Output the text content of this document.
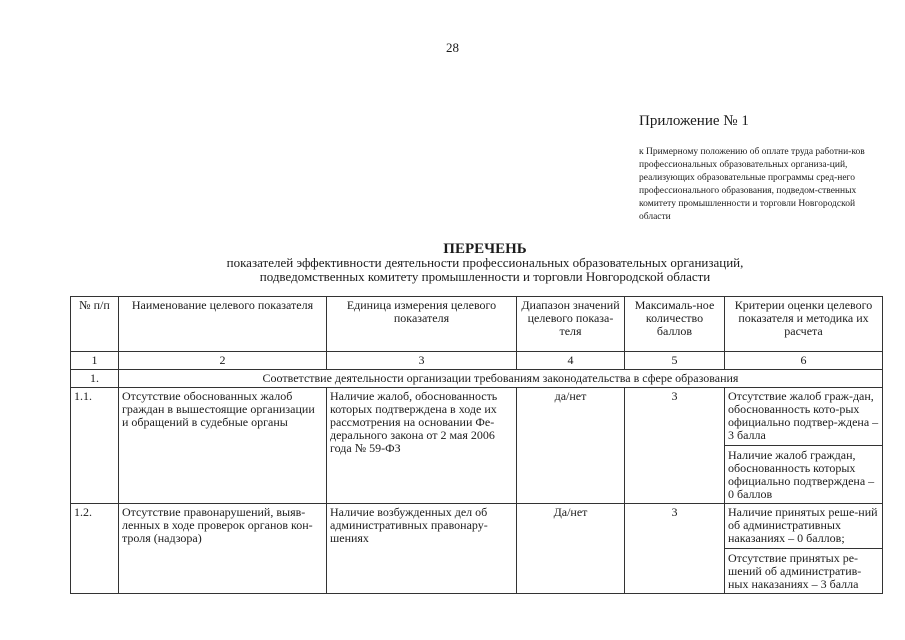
28
Приложение № 1
к Примерному положению об оплате труда работни-ков профессиональных образовательных организа-ций, реализующих образовательные программы сред-него профессионального образования, подведом-ственных комитету промышленности и торговли Новгородской области
ПЕРЕЧЕНЬ
показателей эффективности деятельности профессиональных образовательных организаций,
подведомственных комитету промышленности и торговли Новгородской области
№ п/п	Наименование целевого показателя	Единица измерения целевого показателя	Диапазон значений целевого показа-теля	Максималь-ное количество баллов	Критерии оценки целевого показателя и методика их расчета
1	2	3	4	5	6
1.	Соответствие деятельности организации требованиям законодательства в сфере образования				
1.1.	Отсутствие обоснованных жалоб граждан в вышестоящие организации и обращений в судебные органы	Наличие жалоб, обоснованность которых подтверждена в ходе их рассмотрения на основании Фе-дерального закона от 2 мая 2006 года № 59-ФЗ	да/нет	3	Отсутствие жалоб граж-дан, обоснованность кото-рых официально подтвер-ждена – 3 балла
Наличие жалоб граждан, обоснованность которых официально подтверждена – 0 баллов

1.2.	Отсутствие правонарушений, выяв-ленных в ходе проверок органов кон-троля (надзора)	Наличие возбужденных дел об административных правонару-шениях	Да/нет	3	Наличие принятых реше-ний об административных наказаниях – 0 баллов;
Отсутствие принятых ре-шений об административ-ных наказаниях – 3 балла
